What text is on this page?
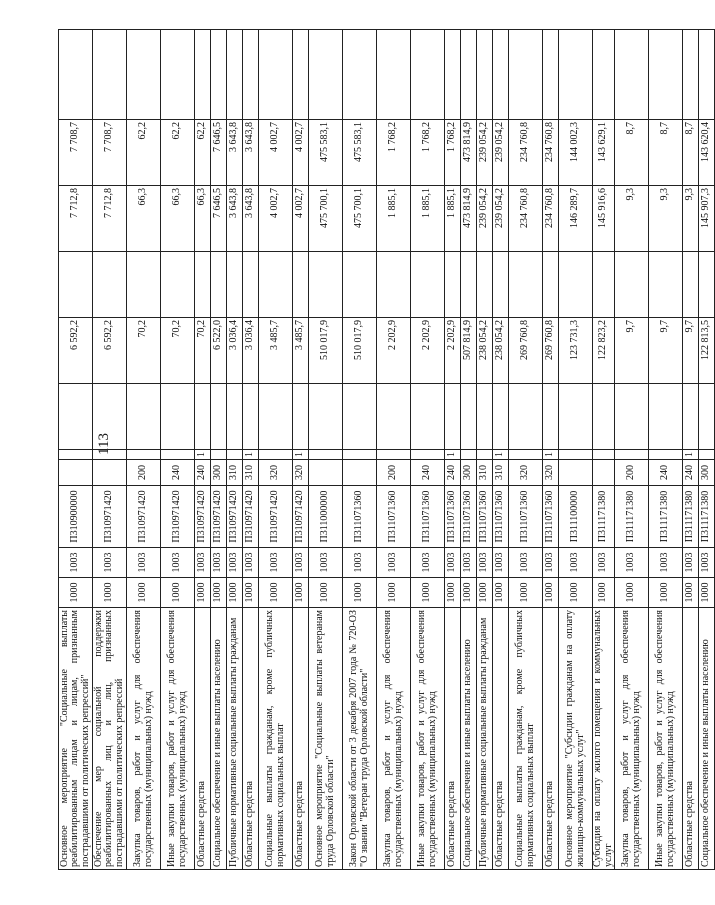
113
Основное мероприятие "Социальные выплаты реабилитированным лицам и лицам, признанным пострадавшими от политических репрессий"	1000	1003	П310900000				6 592,2		7 712,8	7 708,7	
Обеспечение мер социальной поддержки реабилитированных лиц и лиц, признанных пострадавшими от политических репрессий	1000	1003	П310971420				6 592,2		7 712,8	7 708,7	
Закупка товаров, работ и услуг для обеспечения государственных (муниципальных) нужд	1000	1003	П310971420	200			70,2		66,3	62,2	
Иные закупки товаров, работ и услуг для обеспечения государственных (муниципальных) нужд	1000	1003	П310971420	240			70,2		66,3	62,2	
Областные средства	1000	1003	П310971420	240	1		70,2		66,3	62,2	
Социальное обеспечение и иные выплаты населению	1000	1003	П310971420	300			6 522,0		7 646,5	7 646,5	
Публичные нормативные социальные выплаты гражданам	1000	1003	П310971420	310			3 036,4		3 643,8	3 643,8	
Областные средства	1000	1003	П310971420	310	1		3 036,4		3 643,8	3 643,8	
Социальные выплаты гражданам, кроме публичных нормативных социальных выплат	1000	1003	П310971420	320			3 485,7		4 002,7	4 002,7	
Областные средства	1000	1003	П310971420	320	1		3 485,7		4 002,7	4 002,7	
Основное мероприятие "Социальные выплаты ветеранам труда Орловской области"	1000	1003	П311000000				510 017,9		475 700,1	475 583,1	
Закон Орловской области от 3 декабря 2007 года № 720-ОЗ "О звании "Ветеран труда Орловской области"	1000	1003	П311071360				510 017,9		475 700,1	475 583,1	
Закупка товаров, работ и услуг для обеспечения государственных (муниципальных) нужд	1000	1003	П311071360	200			2 202,9		1 885,1	1 768,2	
Иные закупки товаров, работ и услуг для обеспечения государственных (муниципальных) нужд	1000	1003	П311071360	240			2 202,9		1 885,1	1 768,2	
Областные средства	1000	1003	П311071360	240	1		2 202,9		1 885,1	1 768,2	
Социальное обеспечение и иные выплаты населению	1000	1003	П311071360	300			507 814,9		473 814,9	473 814,9	
Публичные нормативные социальные выплаты гражданам	1000	1003	П311071360	310			238 054,2		239 054,2	239 054,2	
Областные средства	1000	1003	П311071360	310	1		238 054,2		239 054,2	239 054,2	
Социальные выплаты гражданам, кроме публичных нормативных социальных выплат	1000	1003	П311071360	320			269 760,8		234 760,8	234 760,8	
Областные средства	1000	1003	П311071360	320	1		269 760,8		234 760,8	234 760,8	
Основное мероприятие "Субсидии гражданам на оплату жилищно-коммунальных услуг"	1000	1003	П311100000				123 731,3		146 289,7	144 002,3	
Субсидия на оплату жилого помещения и коммунальных услуг	1000	1003	П311171380				122 823,2		145 916,6	143 629,1	
Закупка товаров, работ и услуг для обеспечения государственных (муниципальных) нужд	1000	1003	П311171380	200			9,7		9,3	8,7	
Иные закупки товаров, работ и услуг для обеспечения государственных (муниципальных) нужд	1000	1003	П311171380	240			9,7		9,3	8,7	
Областные средства	1000	1003	П311171380	240	1		9,7		9,3	8,7	
Социальное обеспечение и иные выплаты населению	1000	1003	П311171380	300			122 813,5		145 907,3	143 620,4	
